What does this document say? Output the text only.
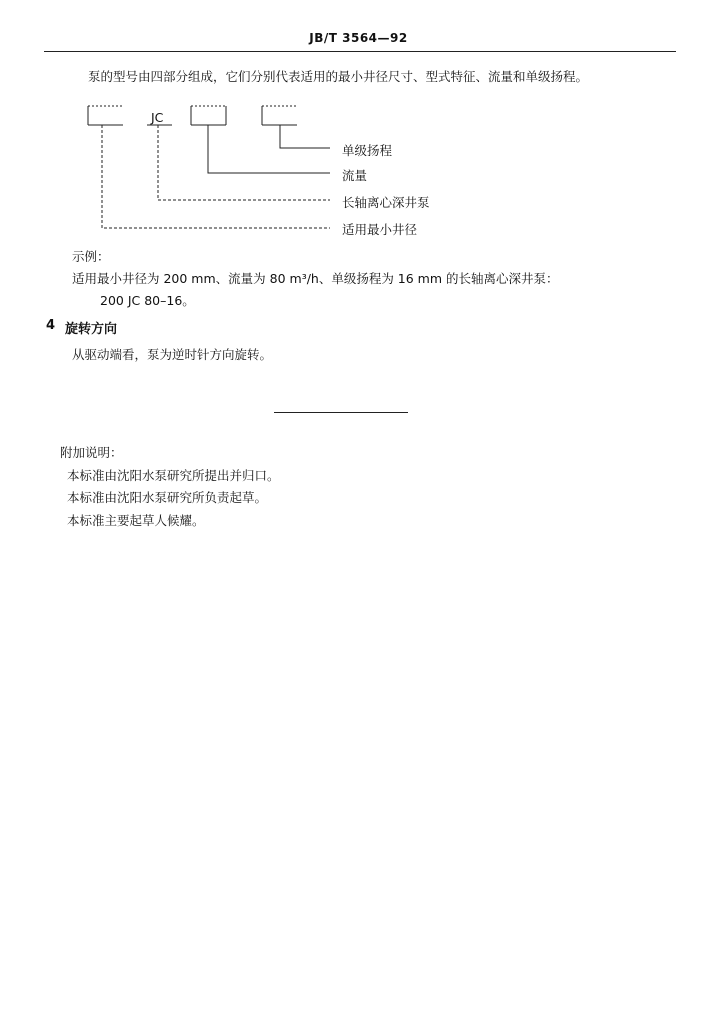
JB/T 3564—92
泵的型号由四部分组成，它们分别代表适用的最小井径尺寸、型式特征、流量和单级扬程。
JC
单级扬程
流量
长轴离心深井泵
适用最小井径
示例：
适用最小井径为 200 mm、流量为 80 m³/h、单级扬程为 16 mm 的长轴离心深井泵：
200 JC 80–16。
4 旋转方向
从驱动端看，泵为逆时针方向旋转。
附加说明：
本标准由沈阳水泵研究所提出并归口。
本标准由沈阳水泵研究所负责起草。
本标准主要起草人候耀。
